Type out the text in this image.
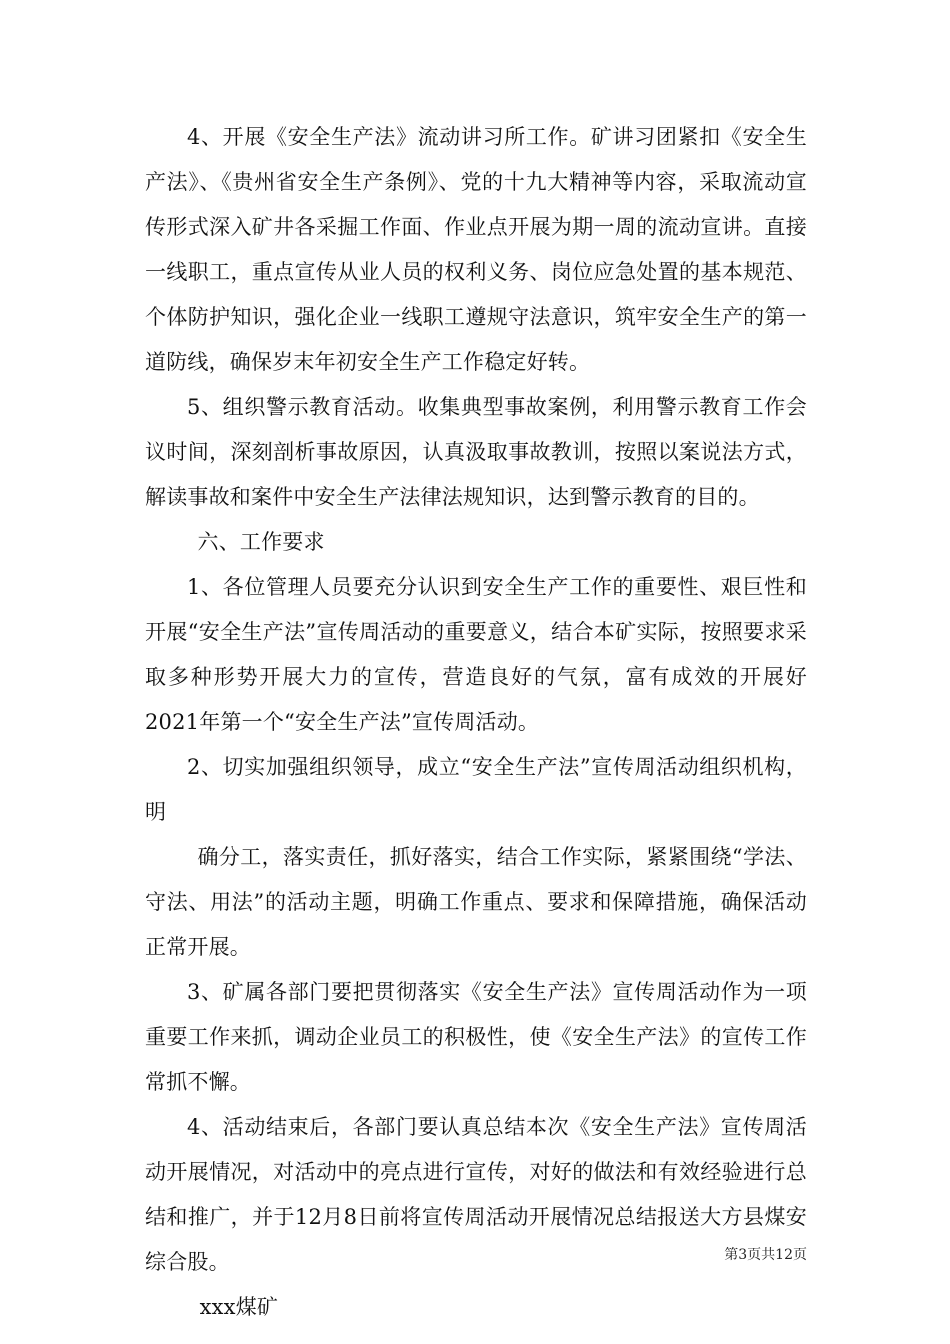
4、开展《安全生产法》流动讲习所工作。矿讲习团紧扣《安全生产法》、《贵州省安全生产条例》、党的十九大精神等内容，采取流动宣传形式深入矿井各采掘工作面、作业点开展为期一周的流动宣讲。直接一线职工，重点宣传从业人员的权利义务、岗位应急处置的基本规范、个体防护知识，强化企业一线职工遵规守法意识，筑牢安全生产的第一道防线，确保岁末年初安全生产工作稳定好转。

5、组织警示教育活动。收集典型事故案例，利用警示教育工作会议时间，深刻剖析事故原因，认真汲取事故教训，按照以案说法方式，解读事故和案件中安全生产法律法规知识，达到警示教育的目的。

六、工作要求

1、各位管理人员要充分认识到安全生产工作的重要性、艰巨性和开展“安全生产法”宣传周活动的重要意义，结合本矿实际，按照要求采取多种形势开展大力的宣传，营造良好的气氛，富有成效的开展好2021年第一个“安全生产法”宣传周活动。

2、切实加强组织领导，成立“安全生产法”宣传周活动组织机构，明

确分工，落实责任，抓好落实，结合工作实际，紧紧围绕“学法、守法、用法”的活动主题，明确工作重点、要求和保障措施，确保活动正常开展。

3、矿属各部门要把贯彻落实《安全生产法》宣传周活动作为一项重要工作来抓，调动企业员工的积极性，使《安全生产法》的宣传工作常抓不懈。

4、活动结束后，各部门要认真总结本次《安全生产法》宣传周活动开展情况，对活动中的亮点进行宣传，对好的做法和有效经验进行总结和推广，并于12月8日前将宣传周活动开展情况总结报送大方县煤安综合股。

xxx煤矿

第3页共12页
